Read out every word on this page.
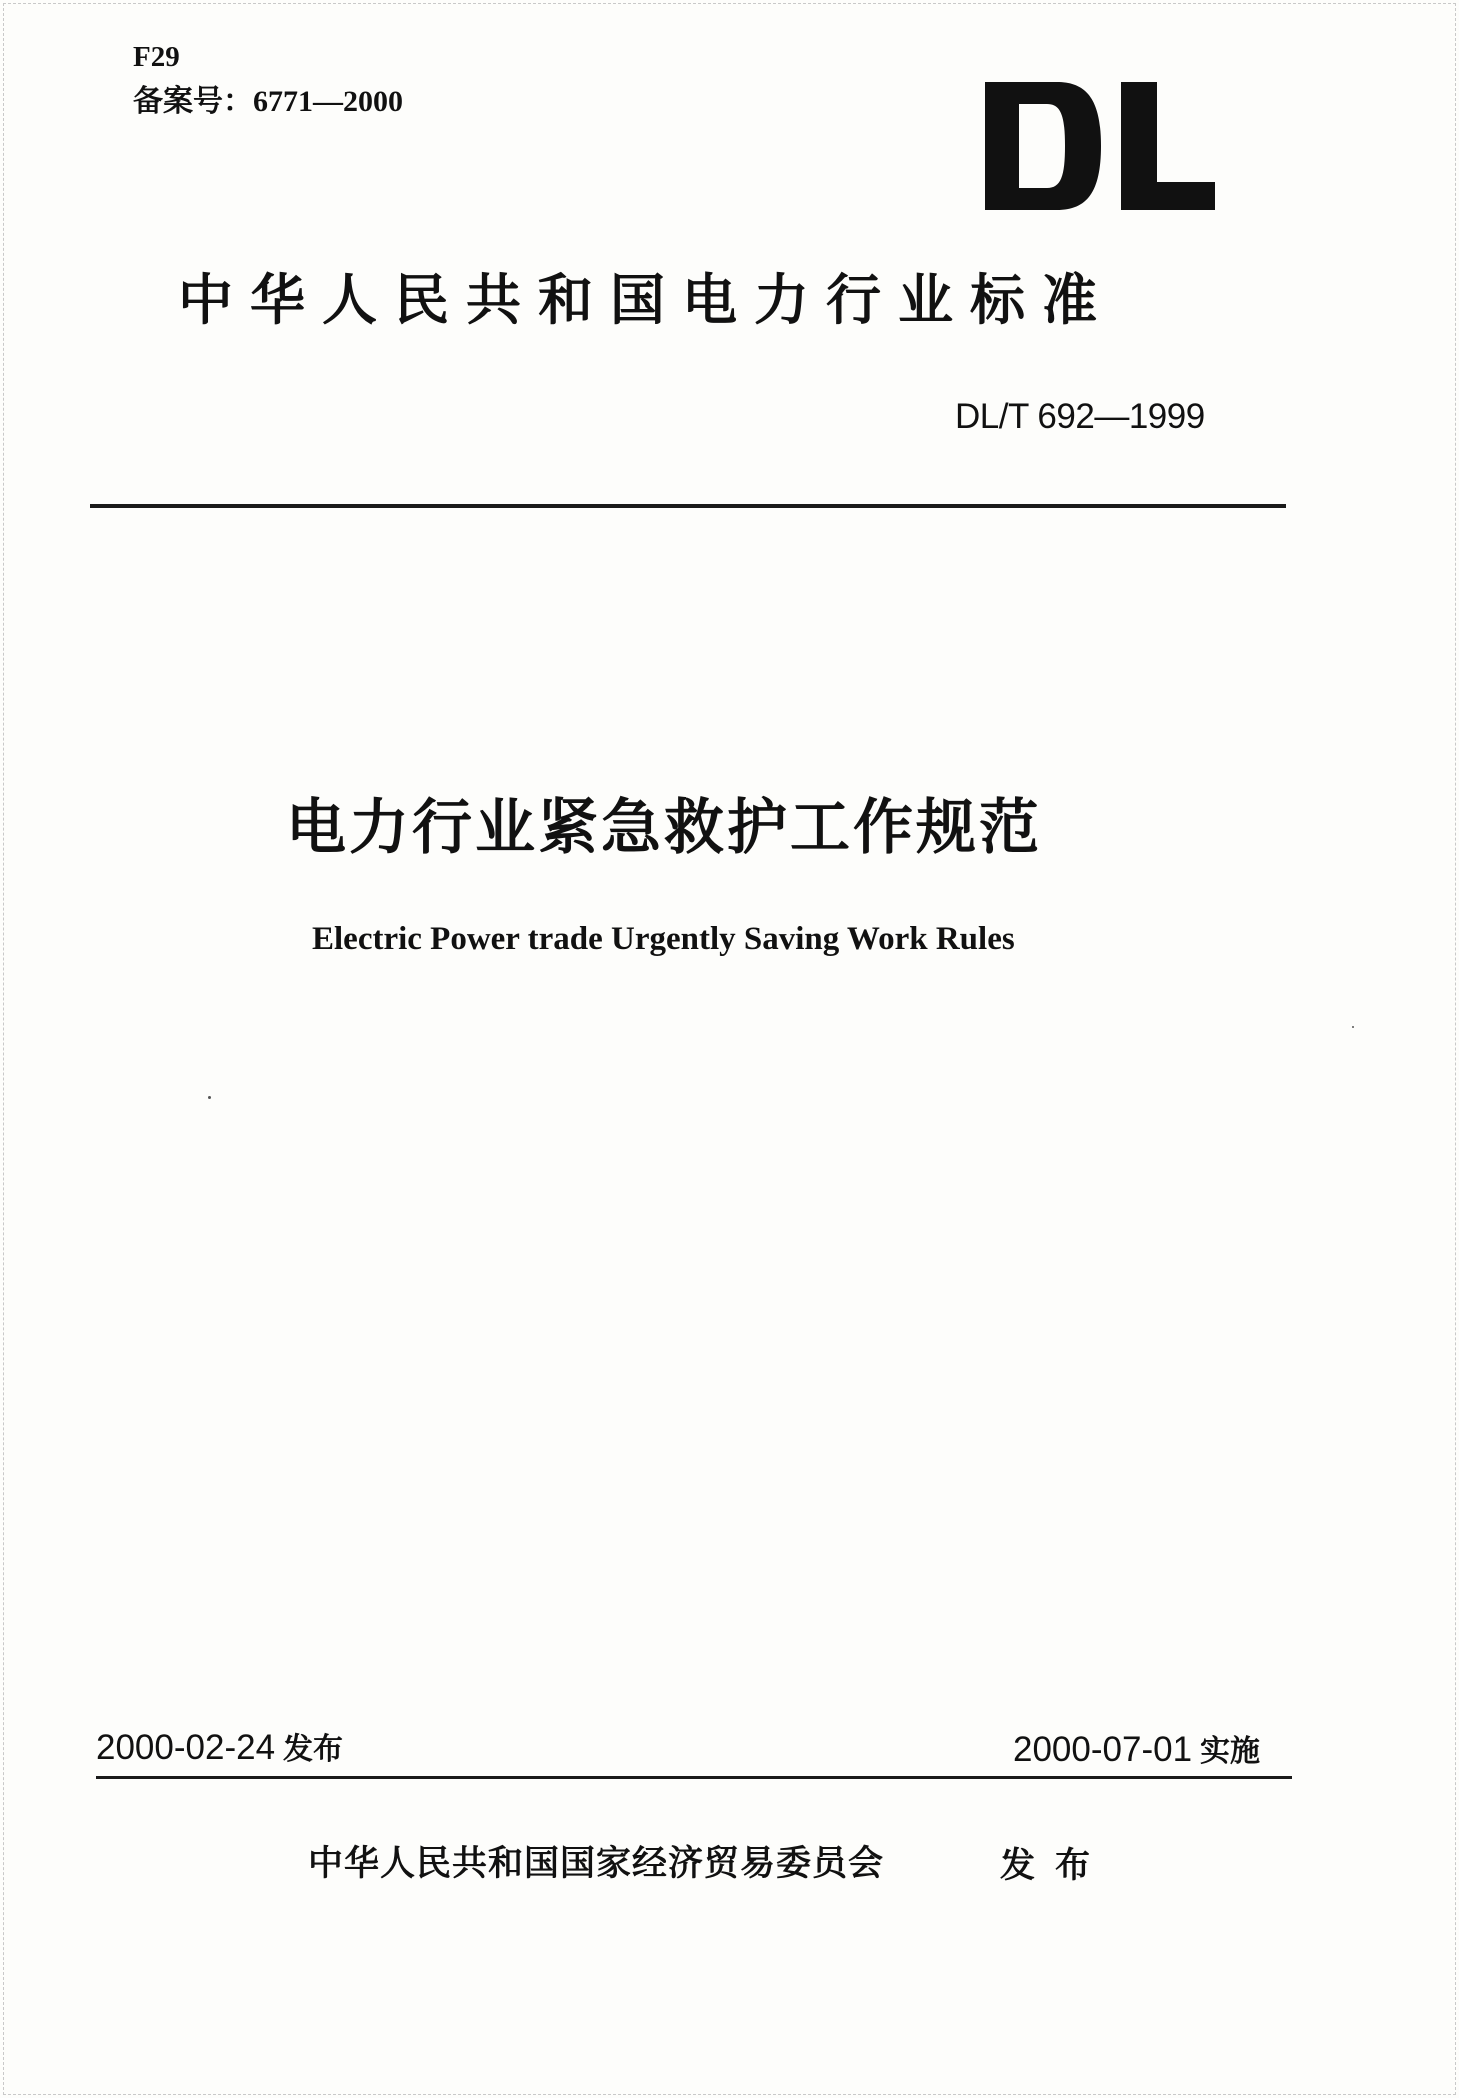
F29
备案号：6771—2000
中华人民共和国电力行业标准
DL/T 692—1999
电力行业紧急救护工作规范
Electric Power trade Urgently Saving Work Rules
2000-02-24 发布	2000-07-01 实施
中华人民共和国国家经济贸易委员会	发布
